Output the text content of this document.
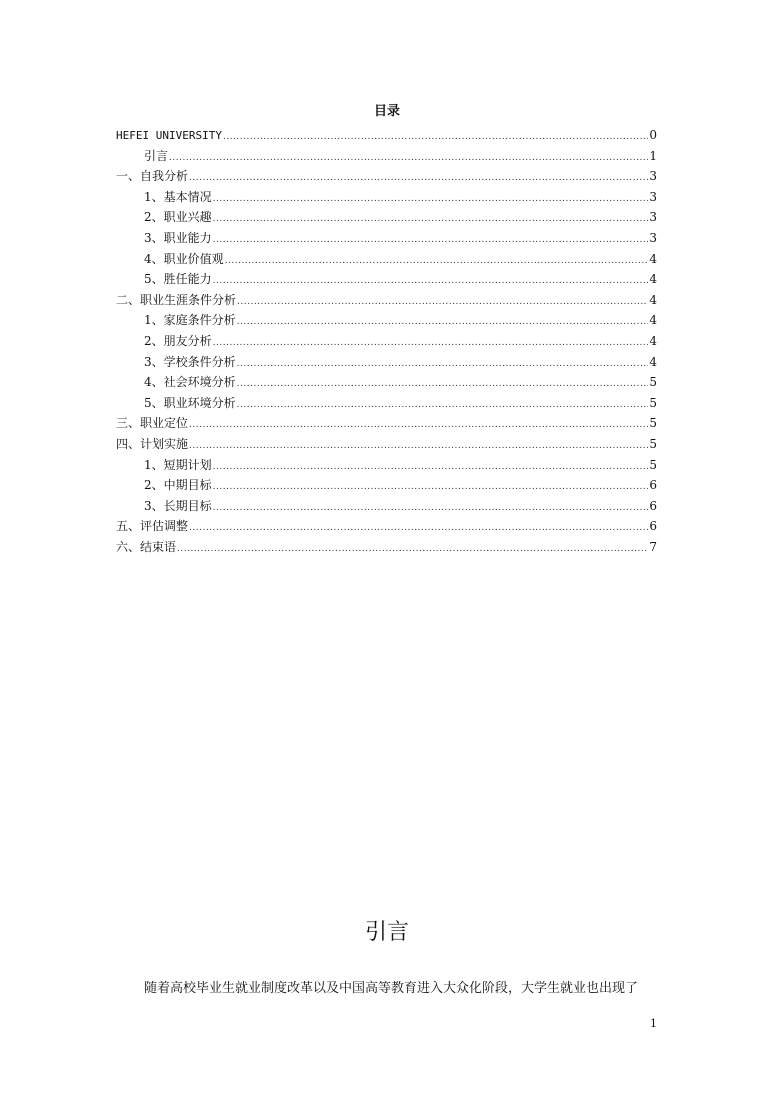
目录
HEFEI UNIVERSITY .....	0
引言 .....	1
一、自我分析 .....	3
1、基本情况 .....	3
2、职业兴趣 .....	3
3、职业能力 .....	3
4、职业价值观 .....	4
5、胜任能力 .....	4
二、职业生涯条件分析 .....	4
1、家庭条件分析 .....	4
2、朋友分析 .....	4
3、学校条件分析 .....	4
4、社会环境分析 .....	5
5、职业环境分析 .....	5
三、职业定位 .....	5
四、计划实施 .....	5
1、短期计划 .....	5
2、中期目标 .....	6
3、长期目标 .....	6
五、评估调整 .....	6
六、结束语 .....	7
引言
随着高校毕业生就业制度改革以及中国高等教育进入大众化阶段，大学生就业也出现了
1
